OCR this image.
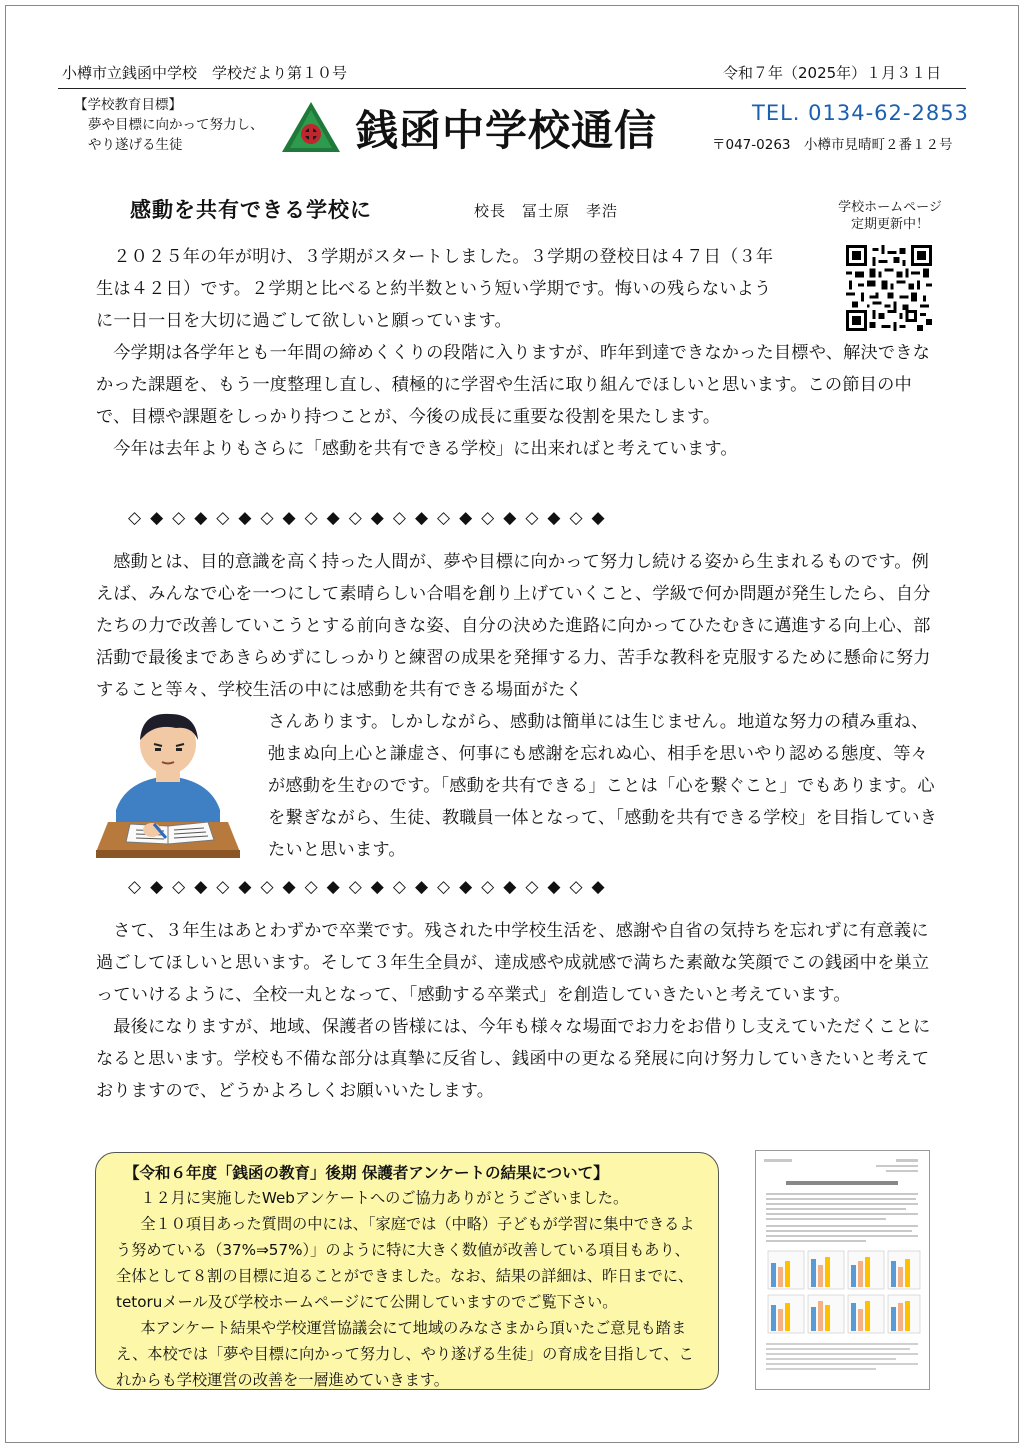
小樽市立銭函中学校　学校だより第１０号	令和７年（2025年）１月３１日
【学校教育目標】
夢や目標に向かって努力し、
やり遂げる生徒	銭函中学校通信	TEL. 0134-62-2853
〒047-0263　小樽市見晴町２番１２号
感動を共有できる学校に	校長　冨士原　孝浩	学校ホームページ
定期更新中！

２０２５年の年が明け、３学期がスタートしました。３学期の登校日は４７日（３年生は４２日）です。２学期と比べると約半数という短い学期です。悔いの残らないように一日一日を大切に過ごして欲しいと願っています。

今学期は各学年とも一年間の締めくくりの段階に入りますが、昨年到達できなかった目標や、解決できなかった課題を、もう一度整理し直し、積極的に学習や生活に取り組んでほしいと思います。この節目の中で、目標や課題をしっかり持つことが、今後の成長に重要な役割を果たします。

今年は去年よりもさらに「感動を共有できる学校」に出来ればと考えています。

◇◆◇◆◇◆◇◆◇◆◇◆◇◆◇◆◇◆◇◆◇◆

感動とは、目的意識を高く持った人間が、夢や目標に向かって努力し続ける姿から生まれるものです。例えば、みんなで心を一つにして素晴らしい合唱を創り上げていくこと、学級で何か問題が発生したら、自分たちの力で改善していこうとする前向きな姿、自分の決めた進路に向かってひたむきに邁進する向上心、部活動で最後まであきらめずにしっかりと練習の成果を発揮する力、苦手な教科を克服するために懸命に努力すること等々、学校生活の中には感動を共有できる場面がたく

さんあります。しかしながら、感動は簡単には生じません。地道な努力の積み重ね、弛まぬ向上心と謙虚さ、何事にも感謝を忘れぬ心、相手を思いやり認める態度、等々が感動を生むのです。「感動を共有できる」ことは「心を繋ぐこと」でもあります。心を繋ぎながら、生徒、教職員一体となって、「感動を共有できる学校」を目指していきたいと思います。

◇◆◇◆◇◆◇◆◇◆◇◆◇◆◇◆◇◆◇◆◇◆

さて、３年生はあとわずかで卒業です。残された中学校生活を、感謝や自省の気持ちを忘れずに有意義に過ごしてほしいと思います。そして３年生全員が、達成感や成就感で満ちた素敵な笑顔でこの銭函中を巣立っていけるように、全校一丸となって、「感動する卒業式」を創造していきたいと考えています。

最後になりますが、地域、保護者の皆様には、今年も様々な場面でお力をお借りし支えていただくことになると思います。学校も不備な部分は真摯に反省し、銭函中の更なる発展に向け努力していきたいと考えておりますので、どうかよろしくお願いいたします。

【令和６年度「銭函の教育」後期 保護者アンケートの結果について】

１２月に実施したWebアンケートへのご協力ありがとうございました。

全１０項目あった質問の中には、「家庭では（中略）子どもが学習に集中できるよう努めている（37%⇒57%）」のように特に大きく数値が改善している項目もあり、全体として８割の目標に迫ることができました。なお、結果の詳細は、昨日までに、tetoruメール及び学校ホームページにて公開していますのでご覧下さい。

本アンケート結果や学校運営協議会にて地域のみなさまから頂いたご意見も踏まえ、本校では「夢や目標に向かって努力し、やり遂げる生徒」の育成を目指して、これからも学校運営の改善を一層進めていきます。
